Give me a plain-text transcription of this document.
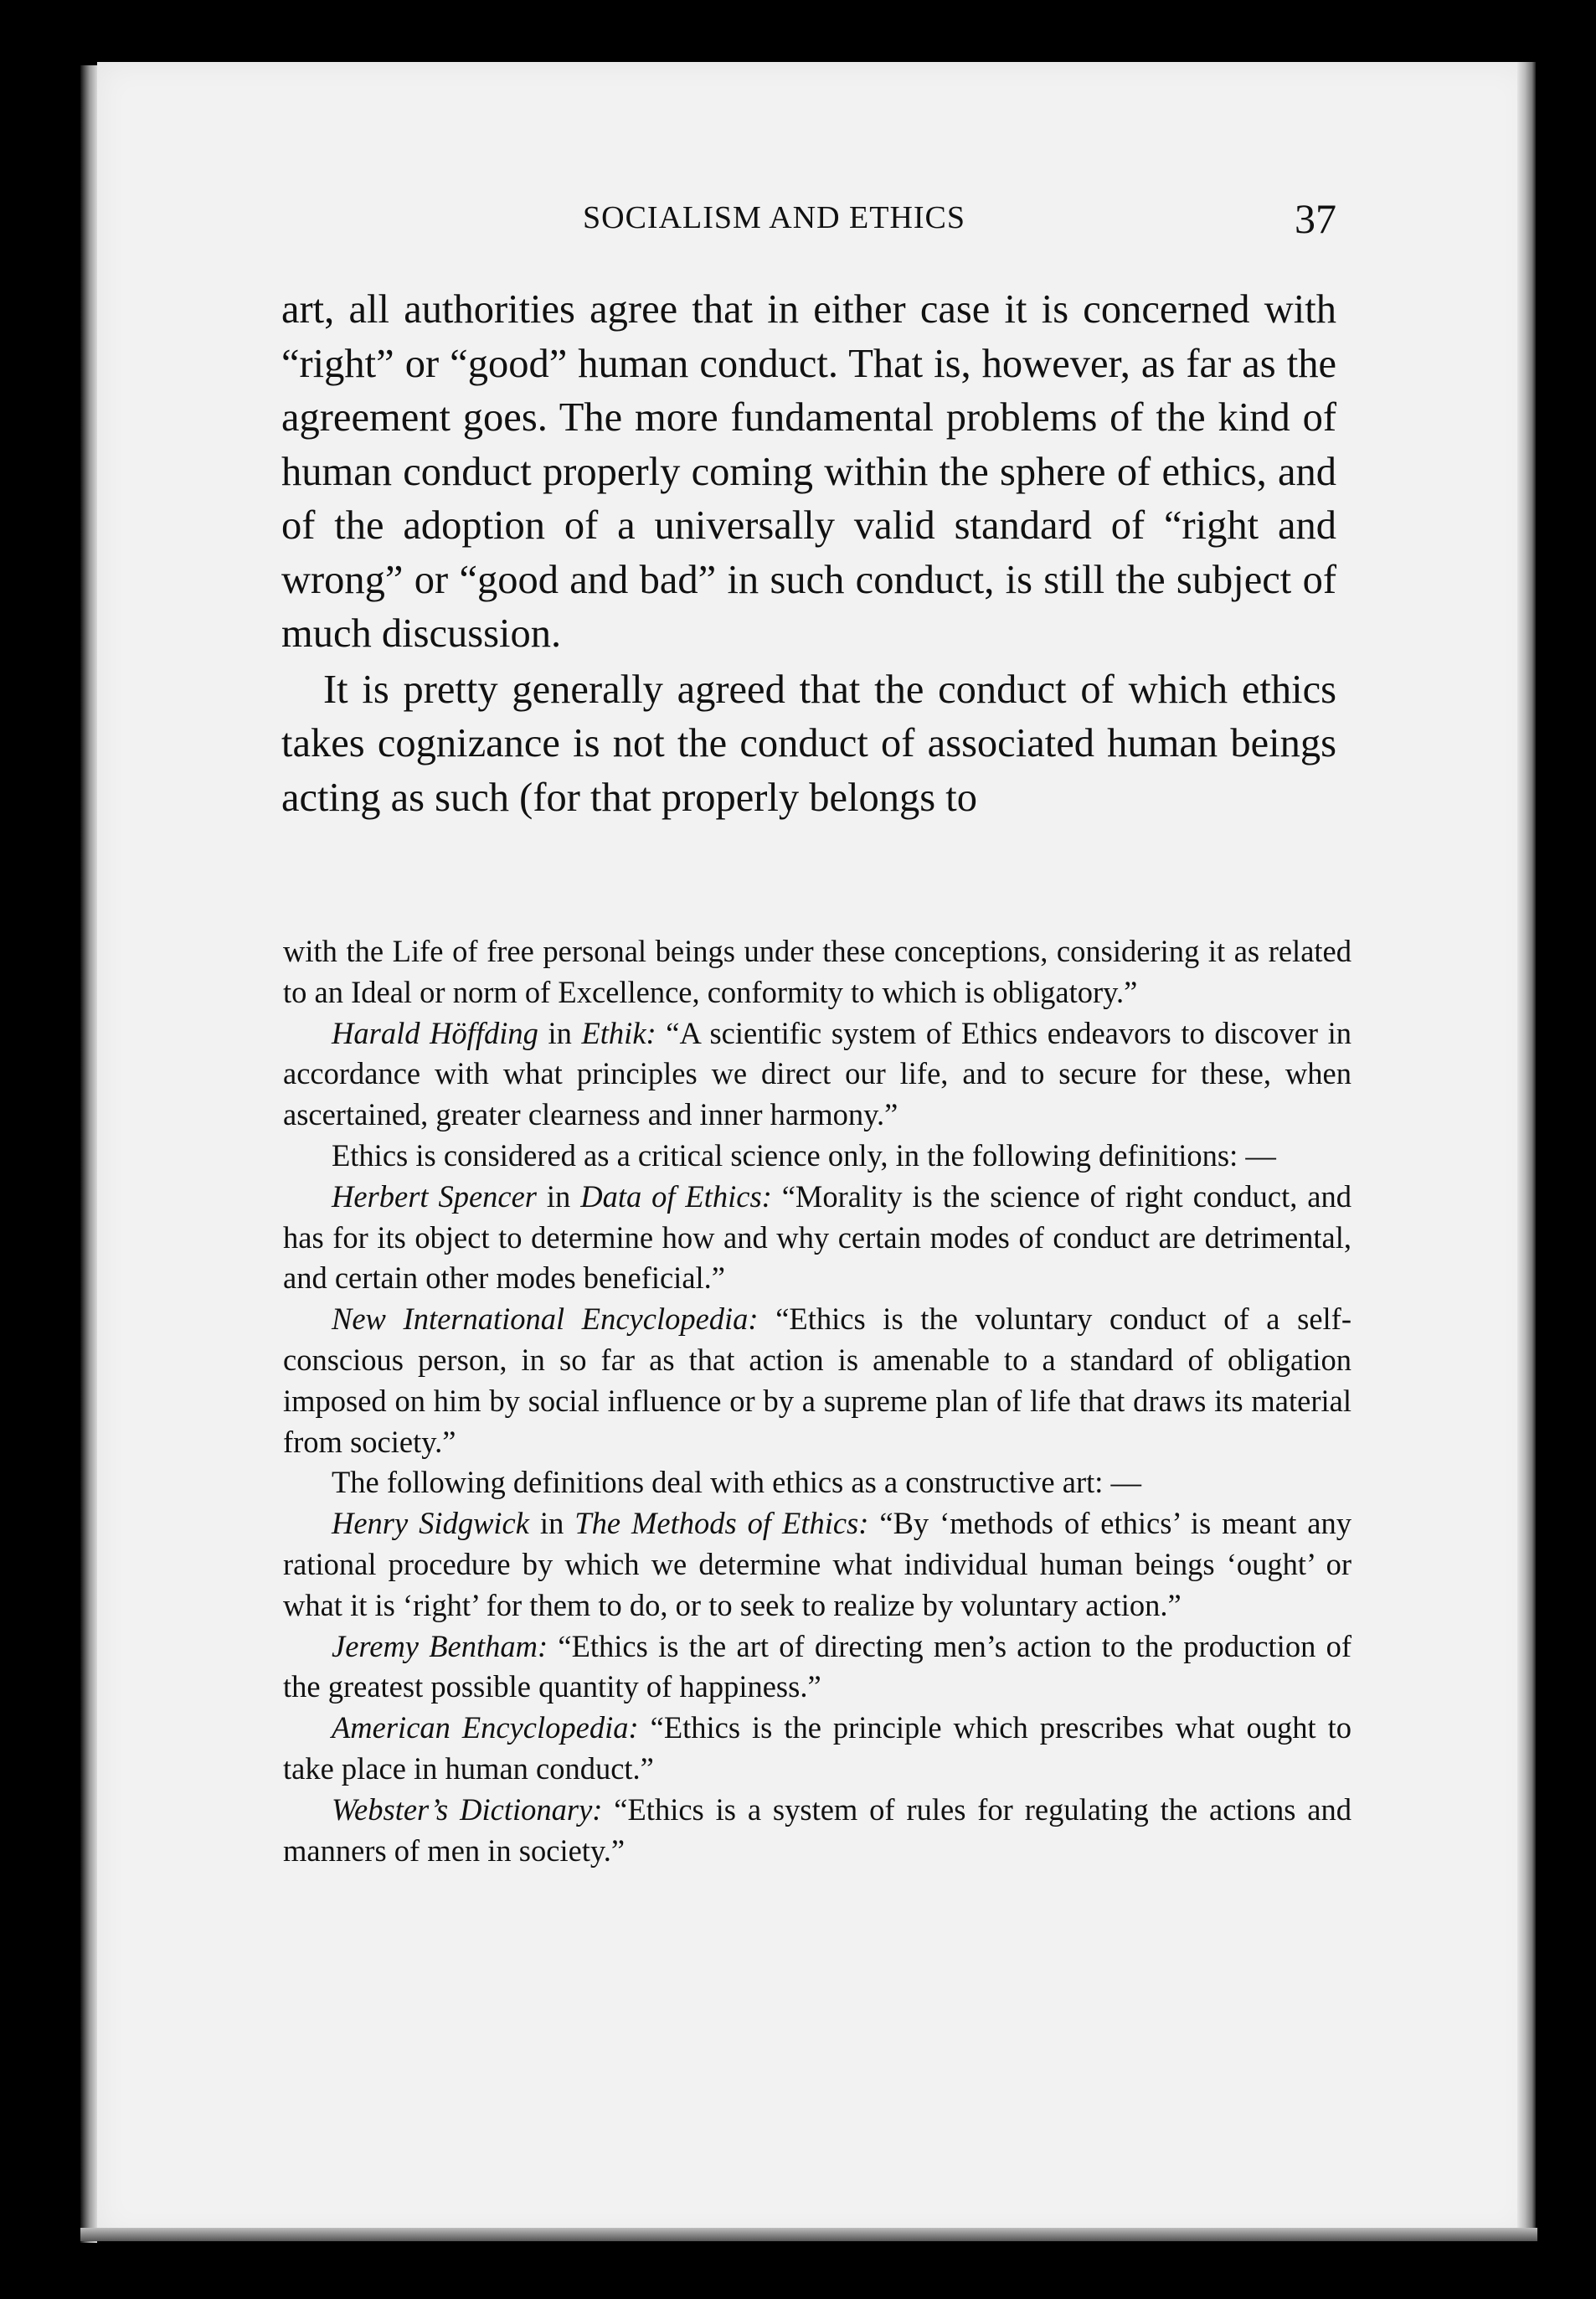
SOCIALISM AND ETHICS	37

art, all authorities agree that in either case it is concerned with “right” or “good” human conduct. That is, however, as far as the agreement goes. The more fundamental problems of the kind of human conduct properly coming within the sphere of ethics, and of the adoption of a universally valid standard of “right and wrong” or “good and bad” in such conduct, is still the subject of much discussion.

It is pretty generally agreed that the conduct of which ethics takes cognizance is not the conduct of associated human beings acting as such (for that properly belongs to

with the Life of free personal beings under these conceptions, considering it as related to an Ideal or norm of Excellence, conformity to which is obligatory.”

Harald Höffding in Ethik: “A scientific system of Ethics endeavors to discover in accordance with what principles we direct our life, and to secure for these, when ascertained, greater clearness and inner harmony.”

Ethics is considered as a critical science only, in the following definitions: —

Herbert Spencer in Data of Ethics: “Morality is the science of right conduct, and has for its object to determine how and why certain modes of conduct are detrimental, and certain other modes beneficial.”

New International Encyclopedia: “Ethics is the voluntary conduct of a self-conscious person, in so far as that action is amenable to a standard of obligation imposed on him by social influence or by a supreme plan of life that draws its material from society.”

The following definitions deal with ethics as a constructive art: —

Henry Sidgwick in The Methods of Ethics: “By ‘methods of ethics’ is meant any rational procedure by which we determine what individual human beings ‘ought’ or what it is ‘right’ for them to do, or to seek to realize by voluntary action.”

Jeremy Bentham: “Ethics is the art of directing men’s action to the production of the greatest possible quantity of happiness.”

American Encyclopedia: “Ethics is the principle which prescribes what ought to take place in human conduct.”

Webster’s Dictionary: “Ethics is a system of rules for regulating the actions and manners of men in society.”
